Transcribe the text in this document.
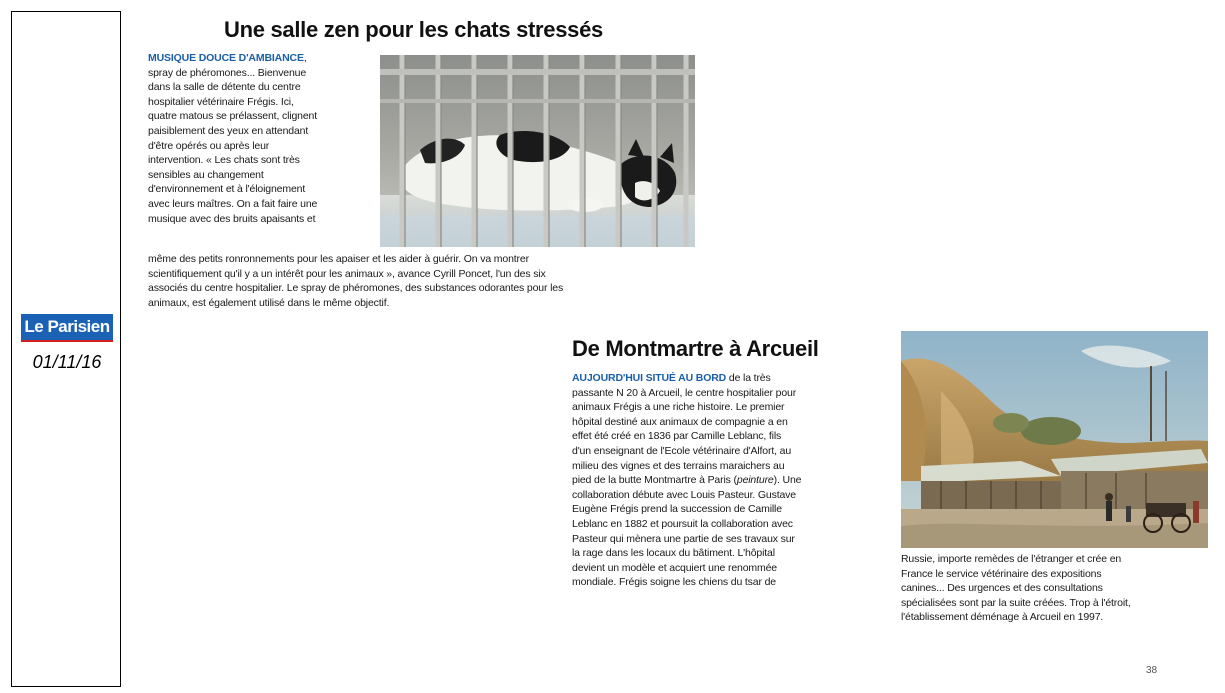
Le Parisien
01/11/16
Une salle zen pour les chats stressés
MUSIQUE DOUCE D'AMBIANCE,
spray de phéromones... Bienvenue
dans la salle de détente du centre
hospitalier vétérinaire Frégis. Ici,
quatre matous se prélassent, clignent
paisiblement des yeux en attendant
d'être opérés ou après leur
intervention. « Les chats sont très
sensibles au changement
d'environnement et à l'éloignement
avec leurs maîtres. On a fait faire une
musique avec des bruits apaisants et
même des petits ronronnements pour les apaiser et les aider à guérir. On va montrer
scientifiquement qu'il y a un intérêt pour les animaux », avance Cyrill Poncet, l'un des six
associés du centre hospitalier. Le spray de phéromones, des substances odorantes pour les
animaux, est également utilisé dans le même objectif.
De Montmartre à Arcueil
AUJOURD'HUI SITUÉ AU BORD de la très
passante N 20 à Arcueil, le centre hospitalier pour
animaux Frégis a une riche histoire. Le premier
hôpital destiné aux animaux de compagnie a en
effet été créé en 1836 par Camille Leblanc, fils
d'un enseignant de l'Ecole vétérinaire d'Alfort, au
milieu des vignes et des terrains maraichers au
pied de la butte Montmartre à Paris (peinture). Une
collaboration débute avec Louis Pasteur. Gustave
Eugène Frégis prend la succession de Camille
Leblanc en 1882 et poursuit la collaboration avec
Pasteur qui mènera une partie de ses travaux sur
la rage dans les locaux du bâtiment. L'hôpital
devient un modèle et acquiert une renommée
mondiale. Frégis soigne les chiens du tsar de
Russie, importe remèdes de l'étranger et crée en
France le service vétérinaire des expositions
canines... Des urgences et des consultations
spécialisées sont par la suite créées. Trop à l'étroit,
l'établissement déménage à Arcueil en 1997.
38
